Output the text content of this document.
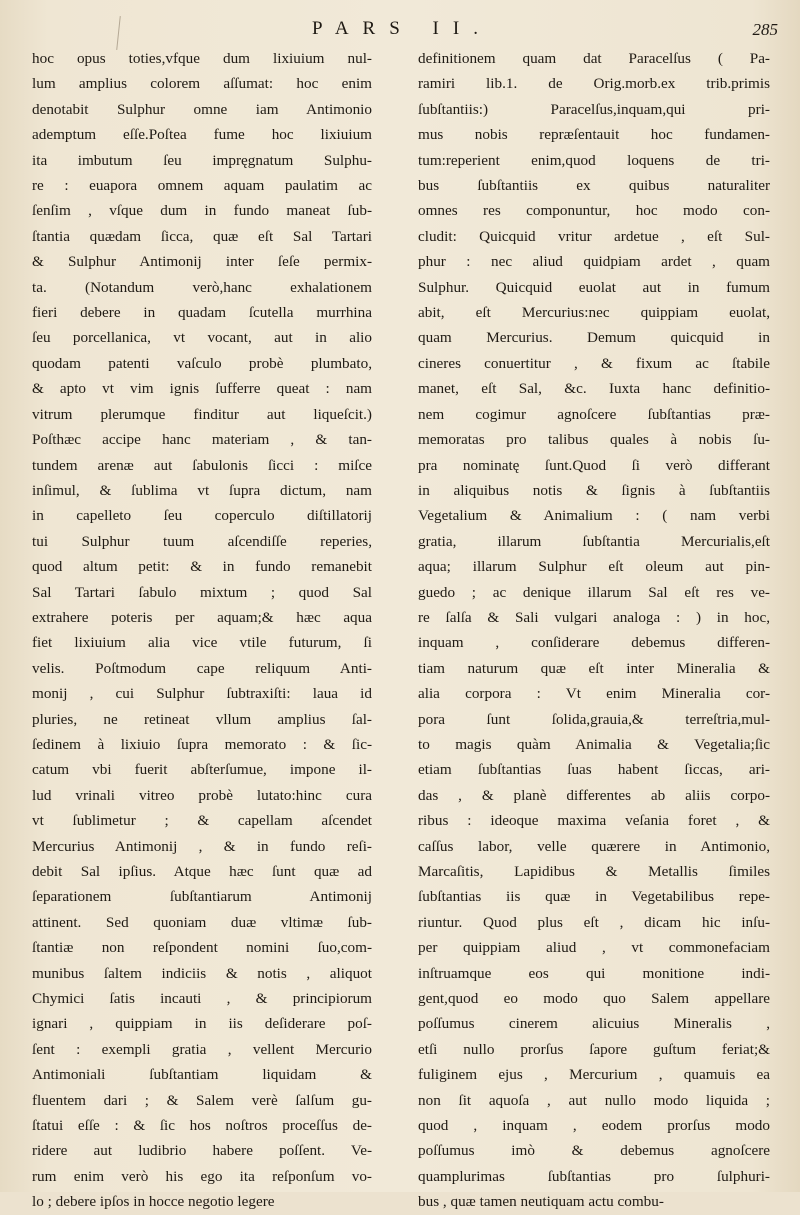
PARS II.	285
hoc opus toties,vfque dum lixiuium nul-
lum amplius colorem aſſumat: hoc enim
denotabit Sulphur omne iam Antimonio
ademptum eſſe.Poſtea fume hoc lixiuium
ita imbutum ſeu impręgnatum Sulphu-
re : euapora omnem aquam paulatim ac
ſenſim , vſque dum in fundo maneat ſub-
ſtantia quædam ſicca, quæ eſt Sal Tartari
& Sulphur Antimonij inter ſeſe permix-
ta. (Notandum verò,hanc exhalationem
fieri debere in quadam ſcutella murrhina
ſeu porcellanica, vt vocant, aut in alio
quodam patenti vaſculo probè plumbato,
& apto vt vim ignis ſufferre queat : nam
vitrum plerumque finditur aut liqueſcit.)
Poſthæc accipe hanc materiam , & tan-
tundem arenæ aut ſabulonis ſicci : miſce
inſimul, & ſublima vt ſupra dictum, nam
in capelleto ſeu coperculo diſtillatorij
tui Sulphur tuum aſcendiſſe reperies,
quod altum petit: & in fundo remanebit
Sal Tartari ſabulo mixtum ; quod Sal
extrahere poteris per aquam;& hæc aqua
fiet lixiuium alia vice vtile futurum, ſi
velis. Poſtmodum cape reliquum Anti-
monij , cui Sulphur ſubtraxiſti: laua id
pluries, ne retineat vllum amplius ſal-
ſedinem à lixiuio ſupra memorato : & ſic-
catum vbi fuerit abſterſumue, impone il-
lud vrinali vitreo probè lutato:hinc cura
vt ſublimetur ; & capellam aſcendet
Mercurius Antimonij , & in fundo reſi-
debit Sal ipſius. Atque hæc ſunt quæ ad
ſeparationem ſubſtantiarum Antimonij
attinent. Sed quoniam duæ vltimæ ſub-
ſtantiæ non reſpondent nomini ſuo,com-
munibus ſaltem indiciis & notis , aliquot
Chymici ſatis incauti , & principiorum
ignari , quippiam in iis deſiderare poſ-
ſent : exempli gratia , vellent Mercurio
Antimoniali ſubſtantiam liquidam &
fluentem dari ; & Salem verè ſalſum gu-
ſtatui eſſe : & ſic hos noſtros proceſſus de-
ridere aut ludibrio habere poſſent. Ve-
rum enim verò his ego ita reſponſum vo-
lo ; debere ipſos in hocce negotio legere
definitionem quam dat Paracelſus ( Pa-
ramiri lib.1. de Orig.morb.ex trib.primis
ſubſtantiis:) Paracelſus,inquam,qui pri-
mus nobis repræſentauit hoc fundamen-
tum:reperient enim,quod loquens de tri-
bus ſubſtantiis ex quibus naturaliter
omnes res componuntur, hoc modo con-
cludit: Quicquid vritur ardetue , eſt Sul-
phur : nec aliud quidpiam ardet , quam
Sulphur. Quicquid euolat aut in fumum
abit, eſt Mercurius:nec quippiam euolat,
quam Mercurius. Demum quicquid in
cineres conuertitur , & fixum ac ſtabile
manet, eſt Sal, &c. Iuxta hanc definitio-
nem cogimur agnoſcere ſubſtantias præ-
memoratas pro talibus quales à nobis ſu-
pra nominatę ſunt.Quod ſi verò differant
in aliquibus notis & ſignis à ſubſtantiis
Vegetalium & Animalium : ( nam verbi
gratia, illarum ſubſtantia Mercurialis,eſt
aqua; illarum Sulphur eſt oleum aut pin-
guedo ; ac denique illarum Sal eſt res ve-
re ſalſa & Sali vulgari analoga : ) in hoc,
inquam , conſiderare debemus differen-
tiam naturum quæ eſt inter Mineralia &
alia corpora : Vt enim Mineralia cor-
pora ſunt ſolida,grauia,& terreſtria,mul-
to magis quàm Animalia & Vegetalia;ſic
etiam ſubſtantias ſuas habent ſiccas, ari-
das , & planè differentes ab aliis corpo-
ribus : ideoque maxima veſania foret , &
caſſus labor, velle quærere in Antimonio,
Marcaſitis, Lapidibus & Metallis ſimiles
ſubſtantias iis quæ in Vegetabilibus repe-
riuntur. Quod plus eſt , dicam hic inſu-
per quippiam aliud , vt commonefaciam
inſtruamque eos qui monitione indi-
gent,quod eo modo quo Salem appellare
poſſumus cinerem alicuius Mineralis ,
etſi nullo prorſus ſapore guſtum feriat;&
fuliginem ejus , Mercurium , quamuis ea
non ſit aquoſa , aut nullo modo liquida ;
quod , inquam , eodem prorſus modo
poſſumus imò & debemus agnoſcere
quamplurimas ſubſtantias pro ſulphuri-
bus , quæ tamen neutiquam actu combu-
